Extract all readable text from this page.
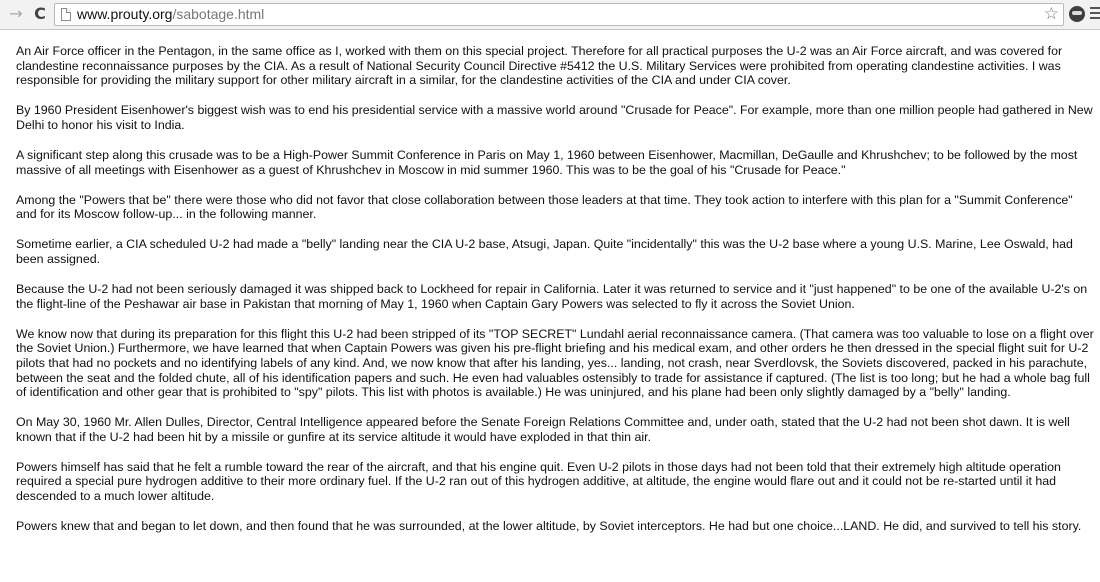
→ C www.prouty.org/sabotage.html	☆

An Air Force officer in the Pentagon, in the same office as I, worked with them on this special project. Therefore for all practical purposes the U-2 was an Air Force aircraft, and was covered for clandestine reconnaissance purposes by the CIA. As a result of National Security Council Directive #5412 the U.S. Military Services were prohibited from operating clandestine activities. I was responsible for providing the military support for other military aircraft in a similar, for the clandestine activities of the CIA and under CIA cover.

By 1960 President Eisenhower's biggest wish was to end his presidential service with a massive world around "Crusade for Peace". For example, more than one million people had gathered in New Delhi to honor his visit to India.

A significant step along this crusade was to be a High-Power Summit Conference in Paris on May 1, 1960 between Eisenhower, Macmillan, DeGaulle and Khrushchev; to be followed by the most massive of all meetings with Eisenhower as a guest of Khrushchev in Moscow in mid summer 1960. This was to be the goal of his "Crusade for Peace."

Among the "Powers that be" there were those who did not favor that close collaboration between those leaders at that time. They took action to interfere with this plan for a "Summit Conference" and for its Moscow follow-up... in the following manner.

Sometime earlier, a CIA scheduled U-2 had made a "belly" landing near the CIA U-2 base, Atsugi, Japan. Quite "incidentally" this was the U-2 base where a young U.S. Marine, Lee Oswald, had been assigned.

Because the U-2 had not been seriously damaged it was shipped back to Lockheed for repair in California. Later it was returned to service and it "just happened" to be one of the available U-2's on the flight-line of the Peshawar air base in Pakistan that morning of May 1, 1960 when Captain Gary Powers was selected to fly it across the Soviet Union.

We know now that during its preparation for this flight this U-2 had been stripped of its "TOP SECRET" Lundahl aerial reconnaissance camera. (That camera was too valuable to lose on a flight over the Soviet Union.) Furthermore, we have learned that when Captain Powers was given his pre-flight briefing and his medical exam, and other orders he then dressed in the special flight suit for U-2 pilots that had no pockets and no identifying labels of any kind. And, we now know that after his landing, yes... landing, not crash, near Sverdlovsk, the Soviets discovered, packed in his parachute, between the seat and the folded chute, all of his identification papers and such. He even had valuables ostensibly to trade for assistance if captured. (The list is too long; but he had a whole bag full of identification and other gear that is prohibited to "spy" pilots. This list with photos is available.) He was uninjured, and his plane had been only slightly damaged by a "belly" landing.

On May 30, 1960 Mr. Allen Dulles, Director, Central Intelligence appeared before the Senate Foreign Relations Committee and, under oath, stated that the U-2 had not been shot dawn. It is well known that if the U-2 had been hit by a missile or gunfire at its service altitude it would have exploded in that thin air.

Powers himself has said that he felt a rumble toward the rear of the aircraft, and that his engine quit. Even U-2 pilots in those days had not been told that their extremely high altitude operation required a special pure hydrogen additive to their more ordinary fuel. If the U-2 ran out of this hydrogen additive, at altitude, the engine would flare out and it could not be re-started until it had descended to a much lower altitude.

Powers knew that and began to let down, and then found that he was surrounded, at the lower altitude, by Soviet interceptors. He had but one choice...LAND. He did, and survived to tell his story.
